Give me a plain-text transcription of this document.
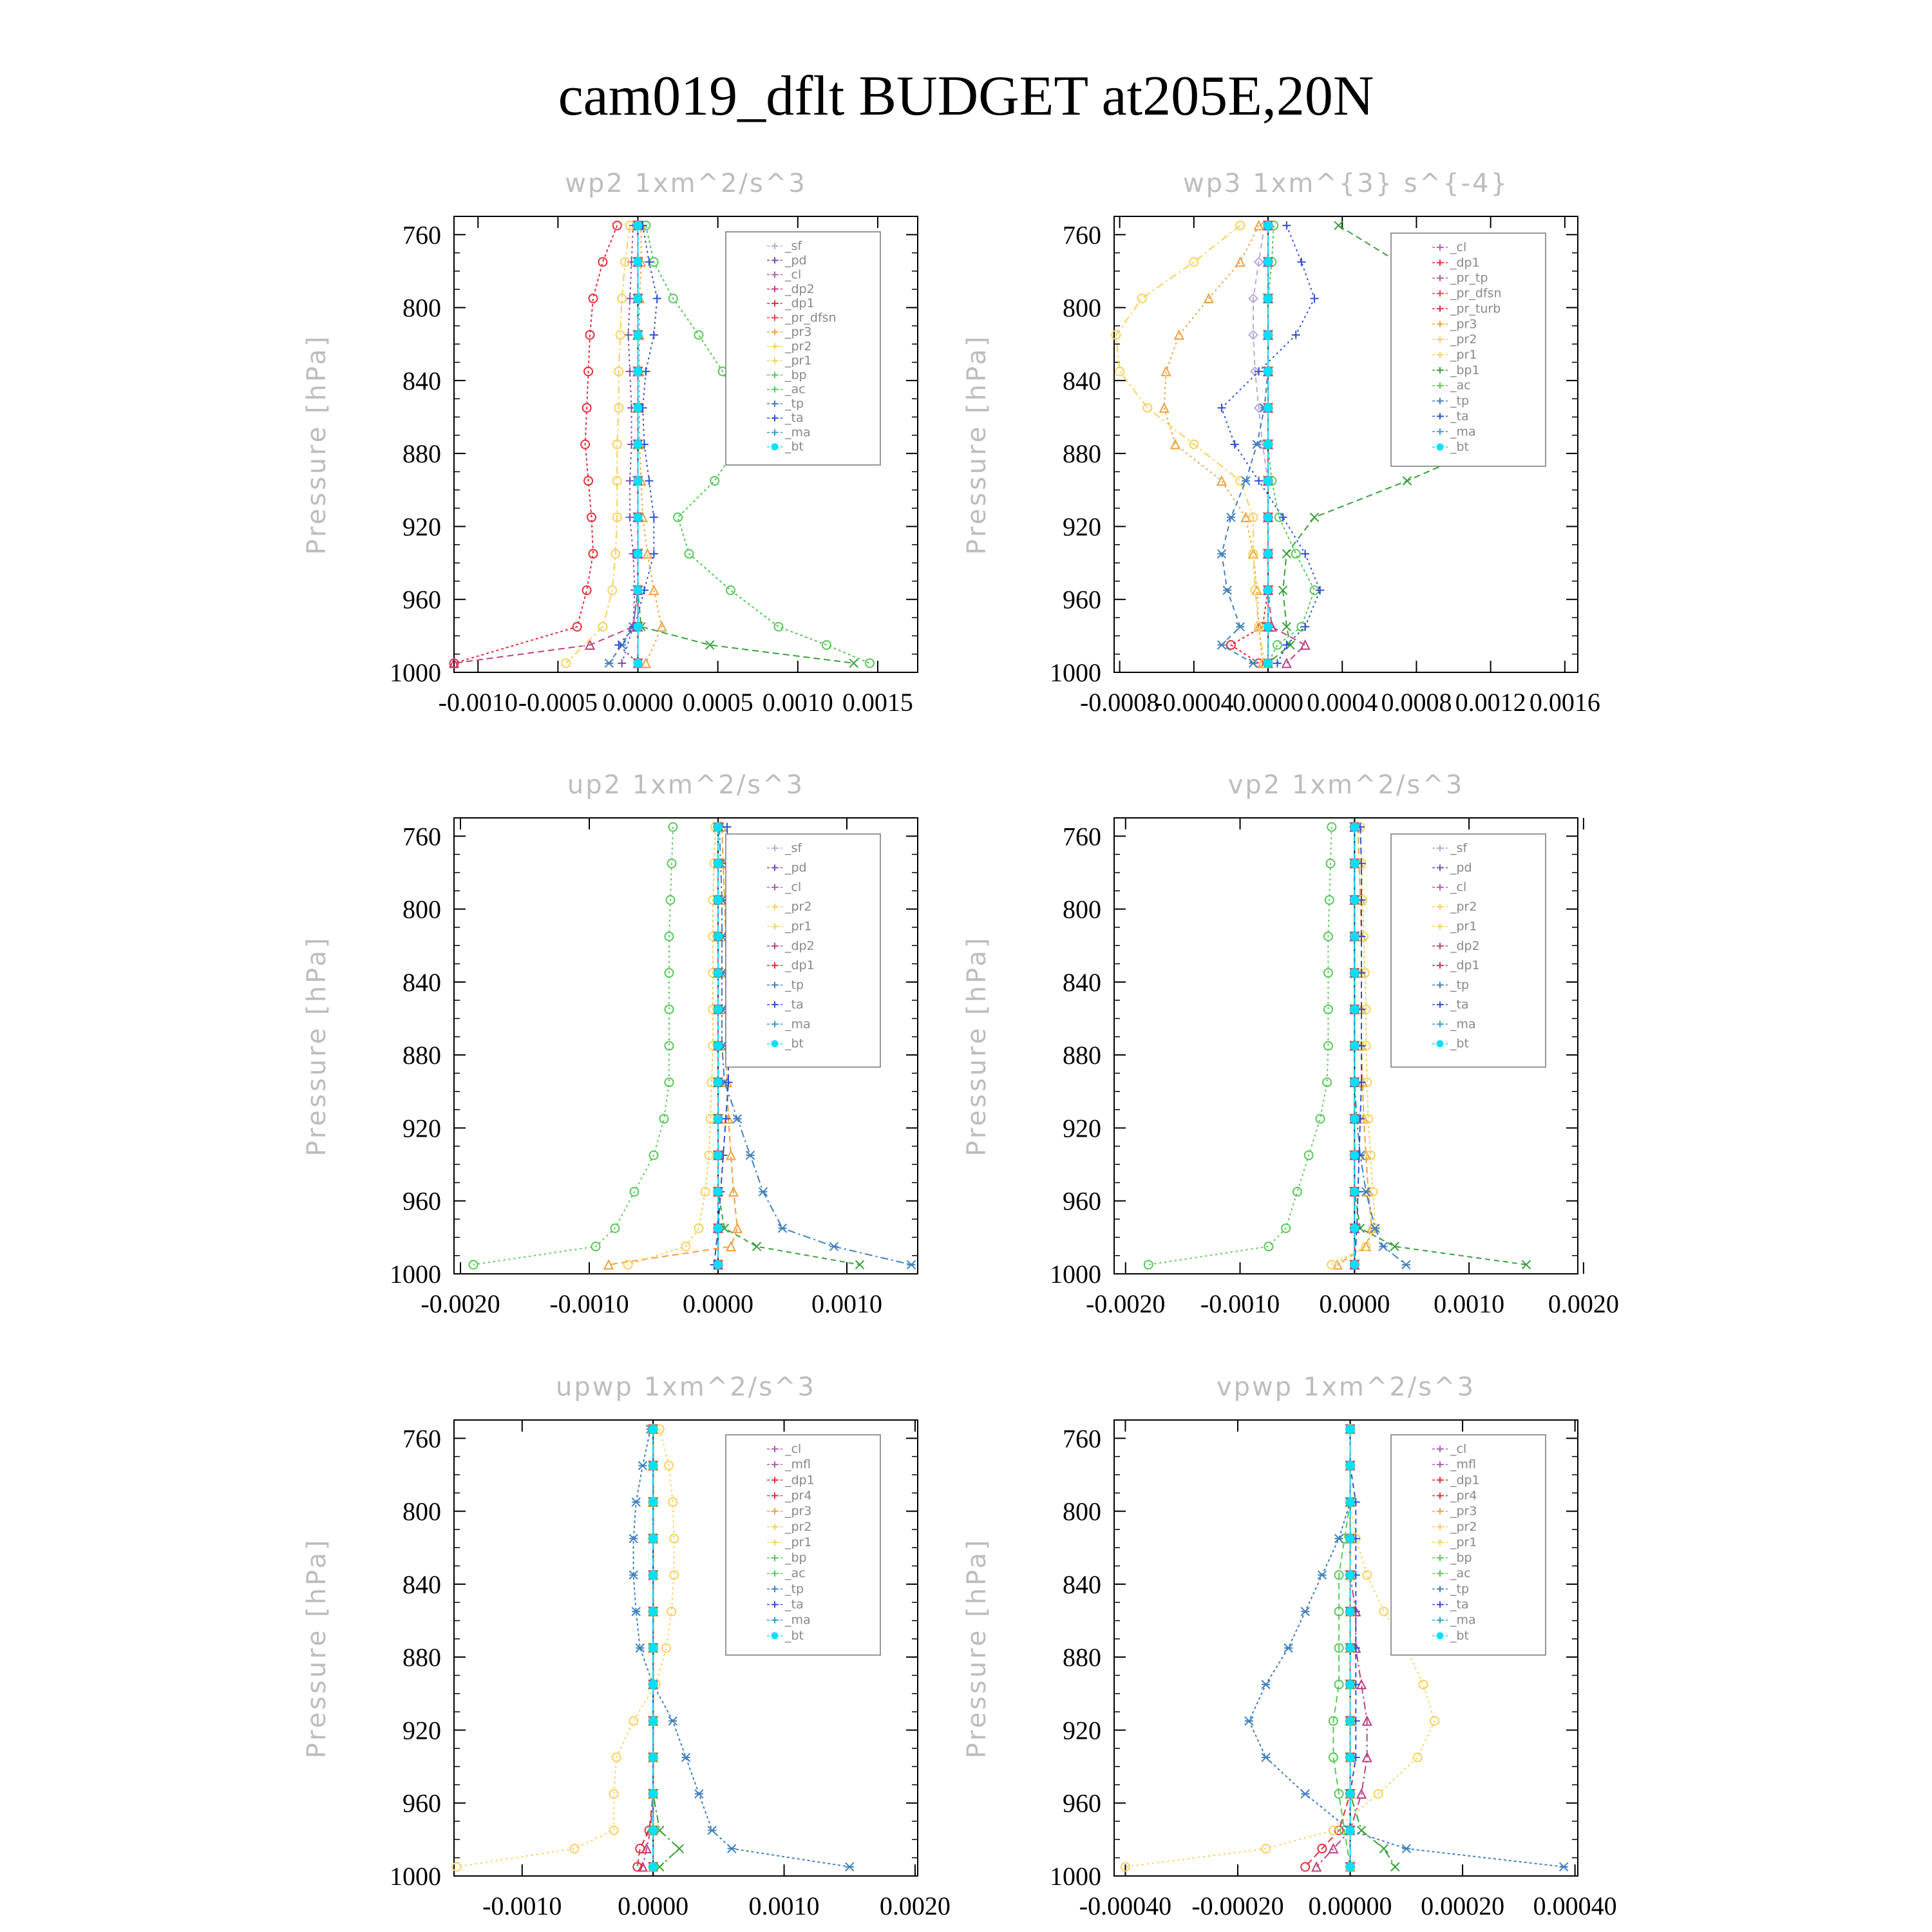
cam019_dflt BUDGET at205E,20N
wp2 1xm^2/s^3
Pressure [hPa]
760
800
840
880
920
960
1000
-0.0010 -0.0005 0.0000 0.0005 0.0010 0.0015
_sf
_pd
_cl
_dp2
_dp1
_pr_dfsn
_pr3
_pr2
_pr1
_bp
_ac
_tp
_ta
_ma
_bt
wp3 1xm^{3} s^{-4}
Pressure [hPa]
760
800
840
880
920
960
1000
-0.0008
-0.0004
0.0000 0.0004 0.0008 0.0012 0.0016
_cl
_dp1
_pr_tp
_pr_dfsn
_pr_turb
_pr3
_pr2
_pr1
_bp1
_ac
_tp
_ta
_ma
_bt
up2 1xm^2/s^3
Pressure [hPa]
760
800
840
880
920
960
1000
-0.0020 -0.0010 0.0000 0.0010
_sf
_pd
_cl
_pr2
_pr1
_dp2
_dp1
_tp
_ta
_ma
_bt
vp2 1xm^2/s^3
Pressure [hPa]
760
800
840
880
920
960
1000
-0.0020 -0.0010 0.0000 0.0010 0.0020
_sf
_pd
_cl
_pr2
_pr1
_dp2
_dp1
_tp
_ta
_ma
_bt
upwp 1xm^2/s^3
Pressure [hPa]
760
800
840
880
920
960
1000
-0.0010 0.0000 0.0010 0.0020
_cl
_mfl
_dp1
_pr4
_pr3
_pr2
_pr1
_bp
_ac
_tp
_ta
_ma
_bt
vpwp 1xm^2/s^3
Pressure [hPa]
760
800
840
880
920
960
1000
-0.00040 -0.00020 0.00000 0.00020 0.00040
_cl
_mfl
_dp1
_pr4
_pr3
_pr2
_pr1
_bp
_ac
_tp
_ta
_ma
_bt
